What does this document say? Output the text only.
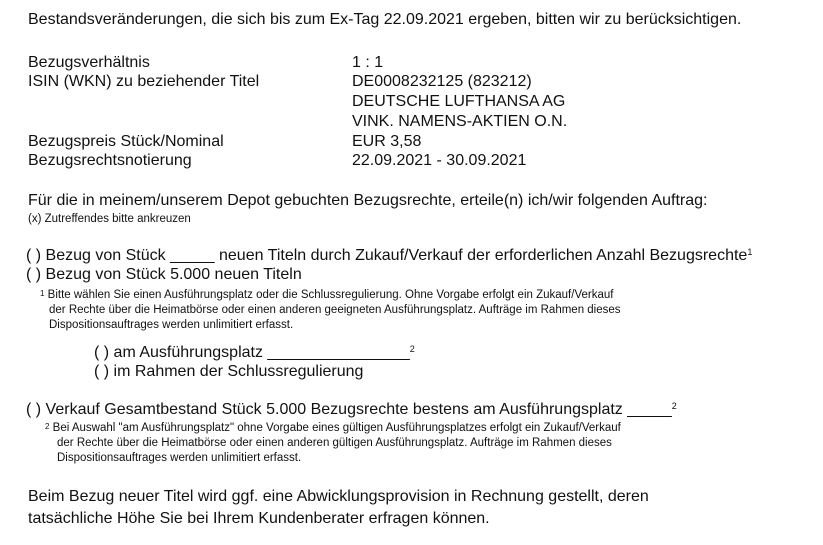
Bestandsveränderungen, die sich bis zum Ex-Tag 22.09.2021 ergeben, bitten wir zu berücksichtigen.
Bezugsverhältnis	1 : 1
ISIN (WKN) zu beziehender Titel	DE0008232125 (823212)
DEUTSCHE LUFTHANSA AG
VINK. NAMENS-AKTIEN O.N.
Bezugspreis Stück/Nominal	EUR 3,58
Bezugsrechtsnotierung	22.09.2021 - 30.09.2021
Für die in meinem/unserem Depot gebuchten Bezugsrechte, erteile(n) ich/wir folgenden Auftrag:
(x) Zutreffendes bitte ankreuzen
( ) Bezug von Stück _____ neuen Titeln durch Zukauf/Verkauf der erforderlichen Anzahl Bezugsrechte$^1$
( ) Bezug von Stück 5.000 neuen Titeln
$^1$ Bitte wählen Sie einen Ausführungsplatz oder die Schlussregulierung. Ohne Vorgabe erfolgt ein Zukauf/Verkauf
der Rechte über die Heimatbörse oder einen anderen geeigneten Ausführungsplatz. Aufträge im Rahmen dieses
Dispositionsauftrages werden unlimitiert erfasst.
( ) am Ausführungsplatz ________________$^2$
( ) im Rahmen der Schlussregulierung
( ) Verkauf Gesamtbestand Stück 5.000 Bezugsrechte bestens am Ausführungsplatz _____$^2$
$^2$ Bei Auswahl "am Ausführungsplatz" ohne Vorgabe eines gültigen Ausführungsplatzes erfolgt ein Zukauf/Verkauf
der Rechte über die Heimatbörse oder einen anderen gültigen Ausführungsplatz. Aufträge im Rahmen dieses
Dispositionsauftrages werden unlimitiert erfasst.
Beim Bezug neuer Titel wird ggf. eine Abwicklungsprovision in Rechnung gestellt, deren
tatsächliche Höhe Sie bei Ihrem Kundenberater erfragen können.
